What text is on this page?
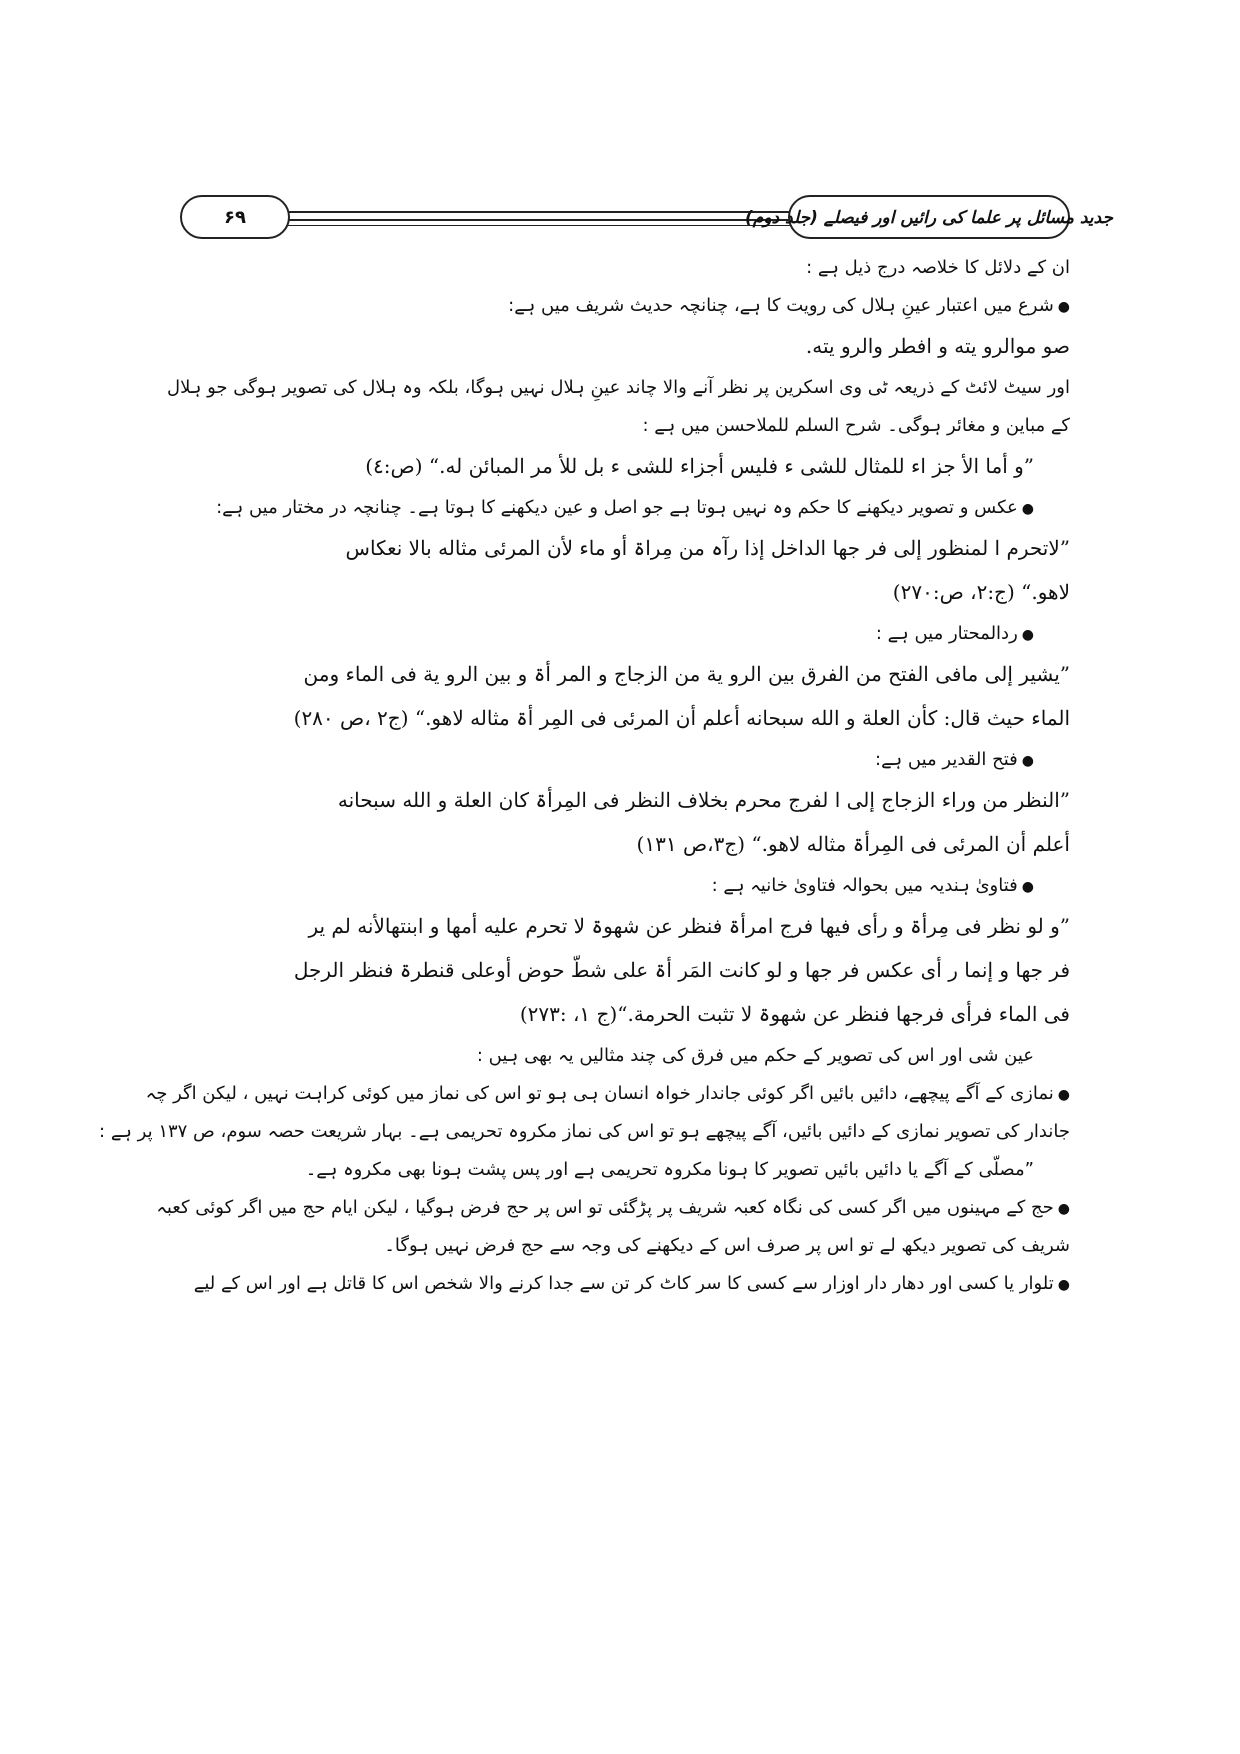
۶۹	جدید مسائل پر علما کی رائیں اور فیصلے (جلد دوم)
ان کے دلائل کا خلاصہ درج ذیل ہے :
●شرع میں اعتبار عینِ ہلال کی رویت کا ہے، چنانچہ حدیث شریف میں ہے:
صو موالرو یته و افطر والرو یته.
اور سیٹ لائٹ کے ذریعہ ٹی وی اسکرین پر نظر آنے والا چاند عینِ ہلال نہیں ہوگا، بلکہ وہ ہلال کی تصویر ہوگی جو ہلال
کے مباین و مغائر ہوگی۔ شرح السلم للملاحسن میں ہے :
”و أما الأ جز اء للمثال للشی ء فلیس أجزاء للشی ء بل للأ مر المبائن له.“ (ص:٤)
●عکس و تصویر دیکھنے کا حکم وہ نہیں ہوتا ہے جو اصل و عین دیکھنے کا ہوتا ہے۔ چنانچہ در مختار میں ہے:
”لاتحرم ا لمنظور إلی فر جها الداخل إذا رآہ من مِراۃ أو ماء لأن المرئی مثاله بالا نعکاس
لاهو.“ (ج:٢، ص:٢٧٠)
●ردالمحتار میں ہے :
”یشیر إلی مافی الفتح من الفرق بین الرو یة من الزجاج و المر أۃ و بین الرو یة فی الماء ومن
الماء حیث قال: کأن العلة و الله سبحانه أعلم أن المرئی فی المِر أۃ مثاله لاهو.“ (ج٢ ،ص ٢٨٠)
●فتح القدیر میں ہے:
”النظر من وراء الزجاج إلی ا لفرج محرم بخلاف النظر فی المِرأۃ کان العلة و الله سبحانه
أعلم أن المرئی فی المِرأۃ مثاله لاهو.“ (ج٣،ص ١٣١)
●فتاویٰ ہندیہ میں بحوالہ فتاویٰ خانیہ ہے :
”و لو نظر فی مِرأۃ و رأی فیها فرج امرأۃ فنظر عن شهوۃ لا تحرم علیه أمها و ابنتهالأنه لم یر
فر جها و إنما ر أی عکس فر جها و لو کانت المَر أۃ علی شطّ حوض أوعلی قنطرۃ فنظر الرجل
فی الماء فرأی فرجها فنظر عن شهوۃ لا تثبت الحرمة.“(ج ١، :٢٧٣)
عین شی اور اس کی تصویر کے حکم میں فرق کی چند مثالیں یہ بھی ہیں :
●نمازی کے آگے پیچھے، دائیں بائیں اگر کوئی جاندار خواہ انسان ہی ہو تو اس کی نماز میں کوئی کراہت نہیں ، لیکن اگر چہ
جاندار کی تصویر نمازی کے دائیں بائیں، آگے پیچھے ہو تو اس کی نماز مکروہ تحریمی ہے۔ بہار شریعت حصہ سوم، ص ۱۳۷ پر ہے :
”مصلّی کے آگے یا دائیں بائیں تصویر کا ہونا مکروہ تحریمی ہے اور پس پشت ہونا بھی مکروہ ہے۔
●حج کے مہینوں میں اگر کسی کی نگاہ کعبہ شریف پر پڑگئی تو اس پر حج فرض ہوگیا ، لیکن ایام حج میں اگر کوئی کعبہ
شریف کی تصویر دیکھ لے تو اس پر صرف اس کے دیکھنے کی وجہ سے حج فرض نہیں ہوگا۔
●تلوار یا کسی اور دھار دار اوزار سے کسی کا سر کاٹ کر تن سے جدا کرنے والا شخص اس کا قاتل ہے اور اس کے لیے
